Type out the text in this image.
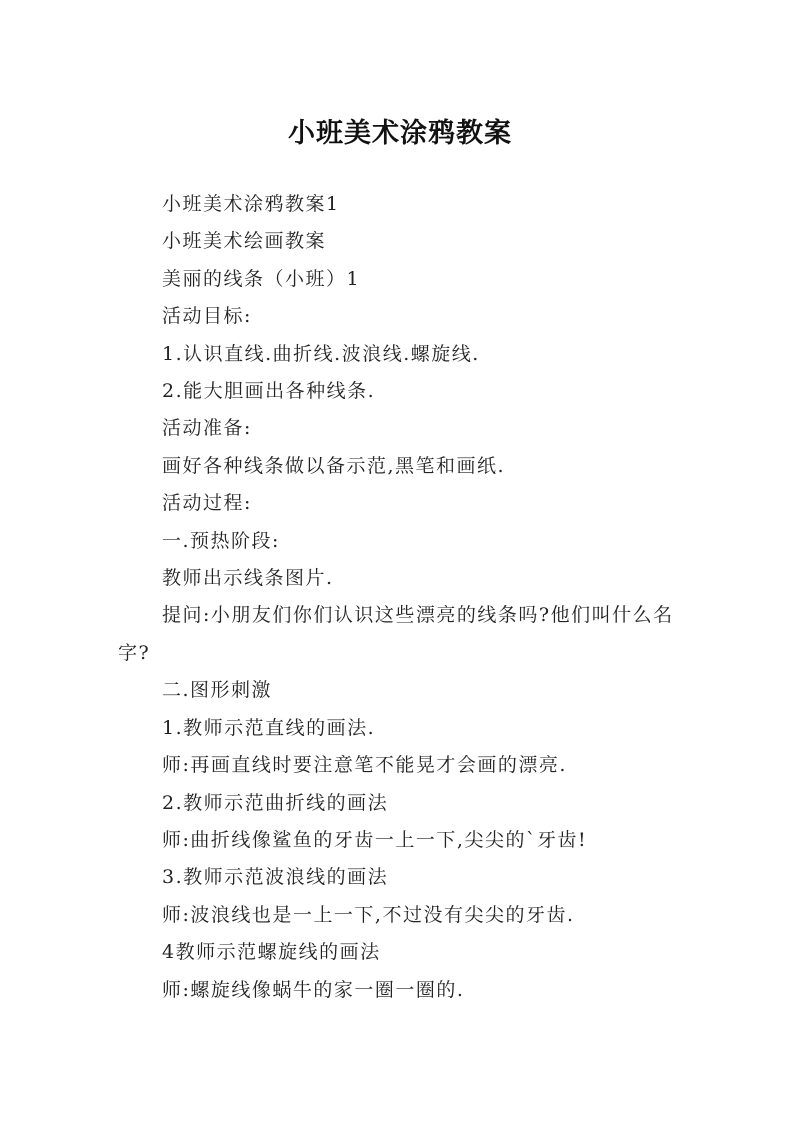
小班美术涂鸦教案

小班美术涂鸦教案1

小班美术绘画教案

美丽的线条（小班）1

活动目标:

1.认识直线.曲折线.波浪线.螺旋线.

2.能大胆画出各种线条.

活动准备:

画好各种线条做以备示范,黑笔和画纸.

活动过程:

一.预热阶段:

教师出示线条图片.

提问:小朋友们你们认识这些漂亮的线条吗?他们叫什么名字?

二.图形刺激

1.教师示范直线的画法.

师:再画直线时要注意笔不能晃才会画的漂亮.

2.教师示范曲折线的画法

师:曲折线像鲨鱼的牙齿一上一下,尖尖的`牙齿!

3.教师示范波浪线的画法

师:波浪线也是一上一下,不过没有尖尖的牙齿.

4教师示范螺旋线的画法

师:螺旋线像蜗牛的家一圈一圈的.
